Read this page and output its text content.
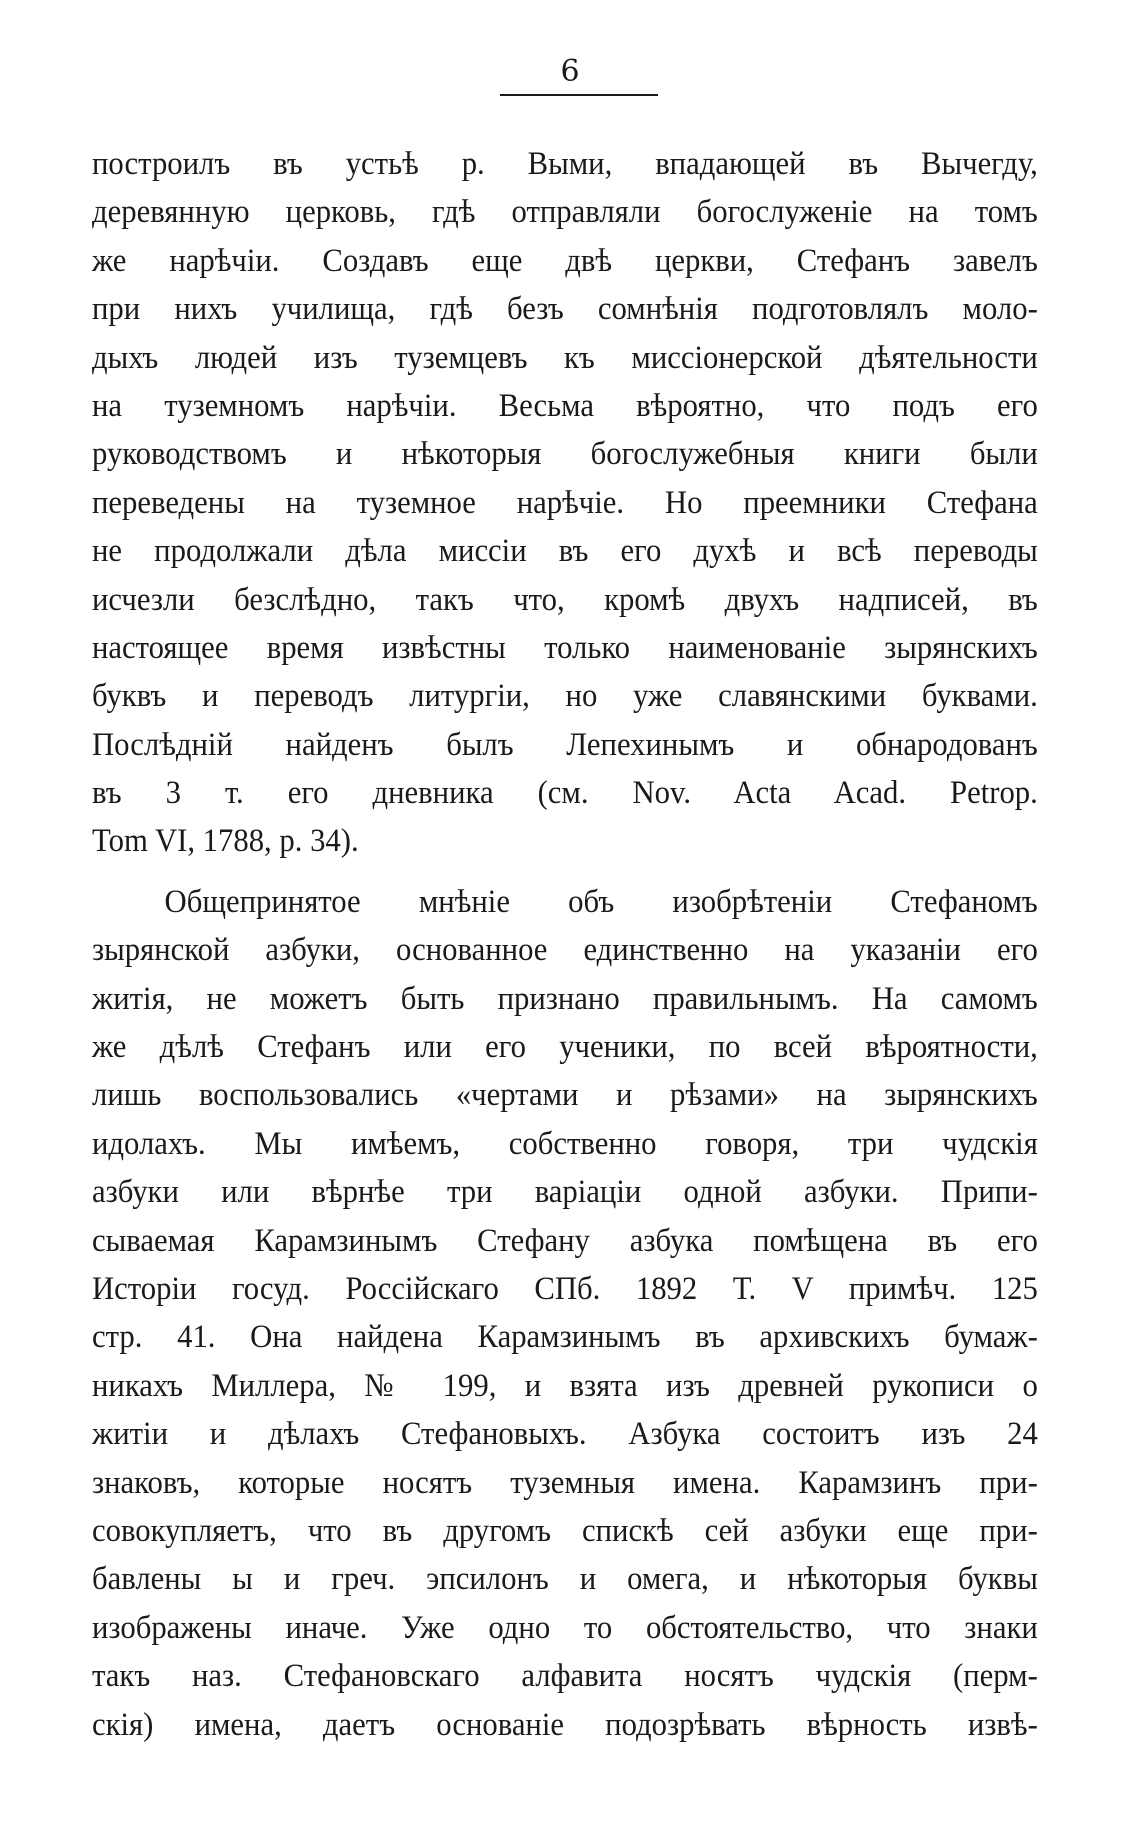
6
построилъ въ устьѣ р. Выми, впадающей въ Вычегду,
деревянную церковь, гдѣ отправляли богослуженіе на томъ
же нарѣчіи. Создавъ еще двѣ церкви, Стефанъ завелъ
при нихъ училища, гдѣ безъ сомнѣнія подготовлялъ моло-
дыхъ людей изъ туземцевъ къ миссіонерской дѣятельности
на туземномъ нарѣчіи. Весьма вѣроятно, что подъ его
руководствомъ и нѣкоторыя богослужебныя книги были
переведены на туземное нарѣчіе. Но преемники Стефана
не продолжали дѣла миссіи въ его духѣ и всѣ переводы
исчезли безслѣдно, такъ что, кромѣ двухъ надписей, въ
настоящее время извѣстны только наименованіе зырянскихъ
буквъ и переводъ литургіи, но уже славянскими буквами.
Послѣдній найденъ былъ Лепехинымъ и обнародованъ
въ 3 т. его дневника (см. Nov. Acta Acad. Petrop.
Tom VI, 1788, p. 34).
Общепринятое мнѣніе объ изобрѣтеніи Стефаномъ
зырянской азбуки, основанное единственно на указаніи его
житія, не можетъ быть признано правильнымъ. На самомъ
же дѣлѣ Стефанъ или его ученики, по всей вѣроятности,
лишь воспользовались «чертами и рѣзами» на зырянскихъ
идолахъ. Мы имѣемъ, собственно говоря, три чудскія
азбуки или вѣрнѣе три варіаціи одной азбуки. Припи-
сываемая Карамзинымъ Стефану азбука помѣщена въ его
Исторіи госуд. Россійскаго СПб. 1892 Т. V примѣч. 125
стр. 41. Она найдена Карамзинымъ въ архивскихъ бумаж-
никахъ Миллера, № 199, и взята изъ древней рукописи о
житіи и дѣлахъ Стефановыхъ. Азбука состоитъ изъ 24
знаковъ, которые носятъ туземныя имена. Карамзинъ при-
совокупляетъ, что въ другомъ спискѣ сей азбуки еще при-
бавлены ы и греч. эпсилонъ и омега, и нѣкоторыя буквы
изображены иначе. Уже одно то обстоятельство, что знаки
такъ наз. Стефановскаго алфавита носятъ чудскія (перм-
скія) имена, даетъ основаніе подозрѣвать вѣрность извѣ-
